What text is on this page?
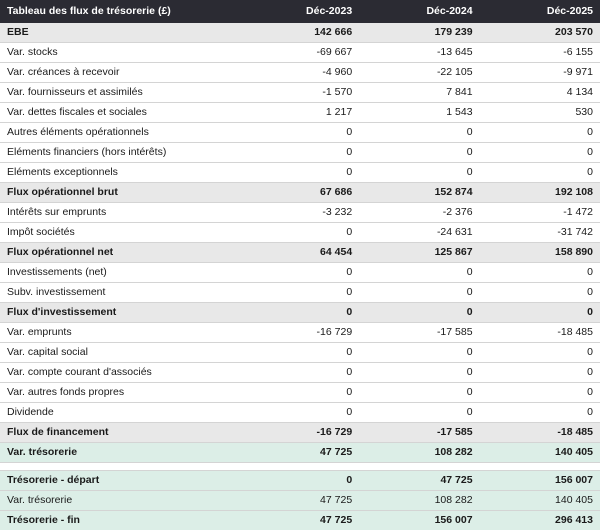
Tableau des flux de trésorerie (£)	Déc-2023	Déc-2024	Déc-2025
EBE	142 666	179 239	203 570
Var. stocks	-69 667	-13 645	-6 155
Var. créances à recevoir	-4 960	-22 105	-9 971
Var. fournisseurs et assimilés	-1 570	7 841	4 134
Var. dettes fiscales et sociales	1 217	1 543	530
Autres éléments opérationnels	0	0	0
Eléments financiers (hors intérêts)	0	0	0
Eléments exceptionnels	0	0	0
Flux opérationnel brut	67 686	152 874	192 108
Intérêts sur emprunts	-3 232	-2 376	-1 472
Impôt sociétés	0	-24 631	-31 742
Flux opérationnel net	64 454	125 867	158 890
Investissements (net)	0	0	0
Subv. investissement	0	0	0
Flux d'investissement	0	0	0
Var. emprunts	-16 729	-17 585	-18 485
Var. capital social	0	0	0
Var. compte courant d'associés	0	0	0
Var. autres fonds propres	0	0	0
Dividende	0	0	0
Flux de financement	-16 729	-17 585	-18 485
Var. trésorerie	47 725	108 282	140 405

Trésorerie - départ	0	47 725	156 007
Var. trésorerie	47 725	108 282	140 405
Trésorerie - fin	47 725	156 007	296 413
